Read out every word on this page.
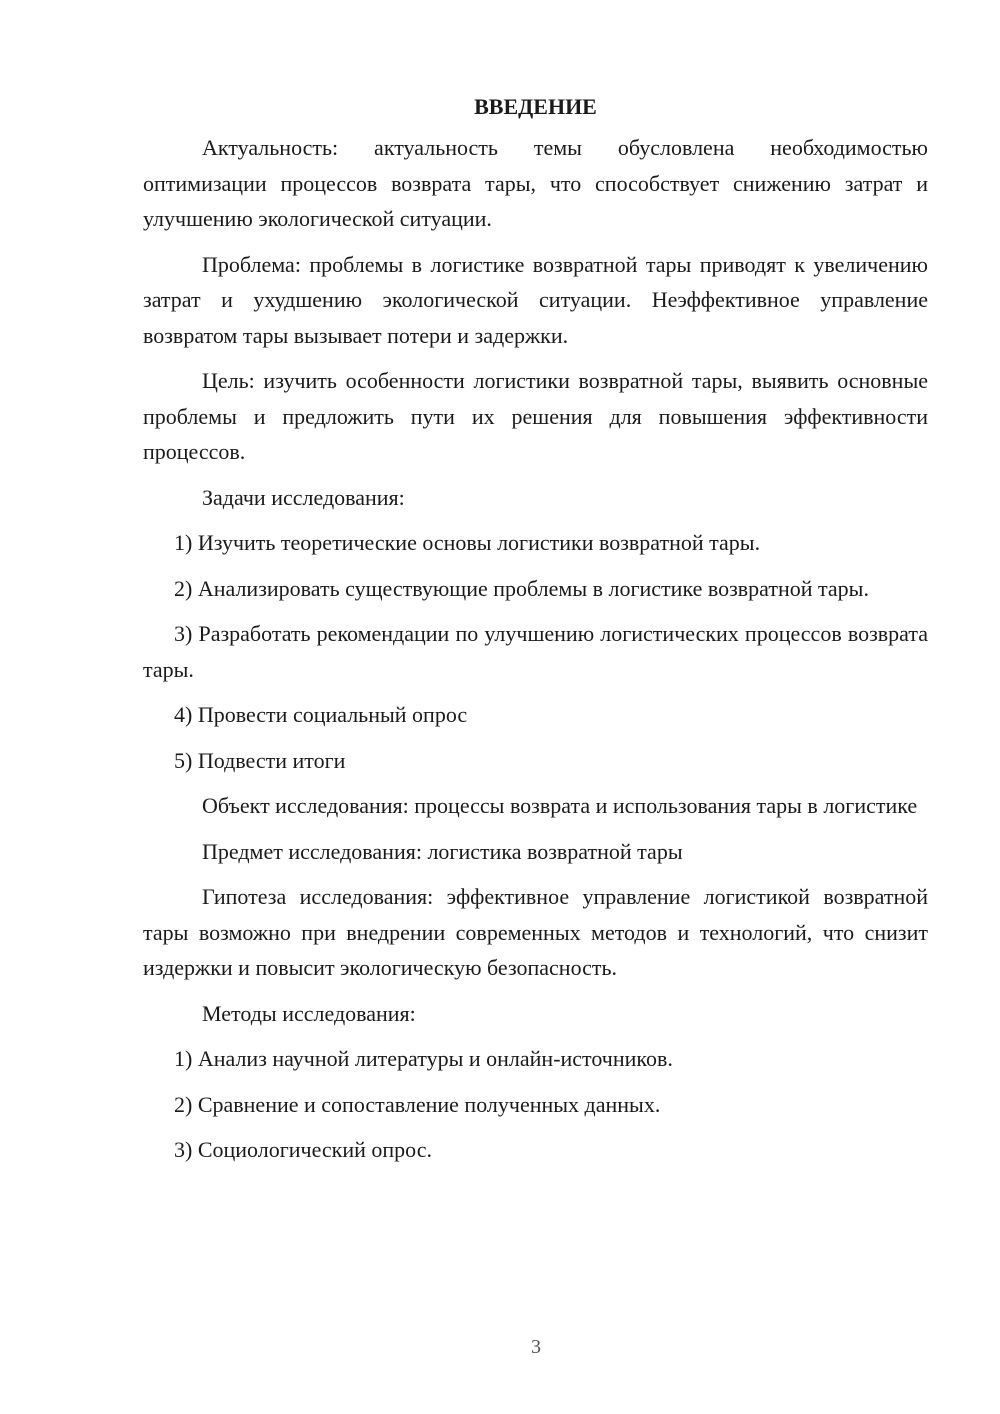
ВВЕДЕНИЕ
Актуальность: актуальность темы обусловлена необходимостью оптимизации процессов возврата тары, что способствует снижению затрат и улучшению экологической ситуации.
Проблема: проблемы в логистике возвратной тары приводят к увеличению затрат и ухудшению экологической ситуации. Неэффективное управление возвратом тары вызывает потери и задержки.
Цель: изучить особенности логистики возвратной тары, выявить основные проблемы и предложить пути их решения для повышения эффективности процессов.
Задачи исследования:
1) Изучить теоретические основы логистики возвратной тары.
2) Анализировать существующие проблемы в логистике возвратной тары.
3) Разработать рекомендации по улучшению логистических процессов возврата тары.
4) Провести социальный опрос
5) Подвести итоги
Объект исследования: процессы возврата и использования тары в логистике
Предмет исследования: логистика возвратной тары
Гипотеза исследования: эффективное управление логистикой возвратной тары возможно при внедрении современных методов и технологий, что снизит издержки и повысит экологическую безопасность.
Методы исследования:
1) Анализ научной литературы и онлайн-источников.
2) Сравнение и сопоставление полученных данных.
3) Социологический опрос.
3
